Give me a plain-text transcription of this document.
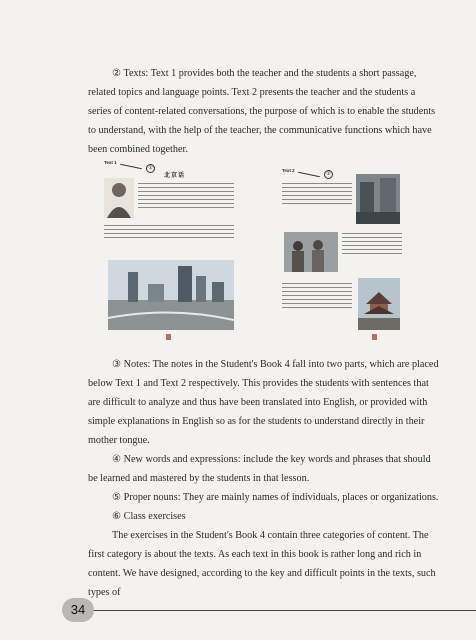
② Texts: Text 1 provides both the teacher and the students a short passage, related topics and language points. Text 2 presents the teacher and the students a series of content-related conversations, the purpose of which is to enable the students to understand, with the help of the teacher, the communicative functions which have been combined together.

Text 1
②
北京话
Text 2
②

③ Notes: The notes in the Student's Book 4 fall into two parts, which are placed below Text 1 and Text 2 respectively. This provides the students with sentences that are difficult to analyze and thus have been translated into English, or provided with simple explanations in English so as for the students to understand directly in their mother tongue.

④ New words and expressions: include the key words and phrases that should be learned and mastered by the students in that lesson.

⑤ Proper nouns: They are mainly names of individuals, places or organizations.

⑥ Class exercises

The exercises in the Student's Book 4 contain three categories of content. The first category is about the texts. As each text in this book is rather long and rich in content. We have designed, according to the key and difficult points in the texts, such types of

34
